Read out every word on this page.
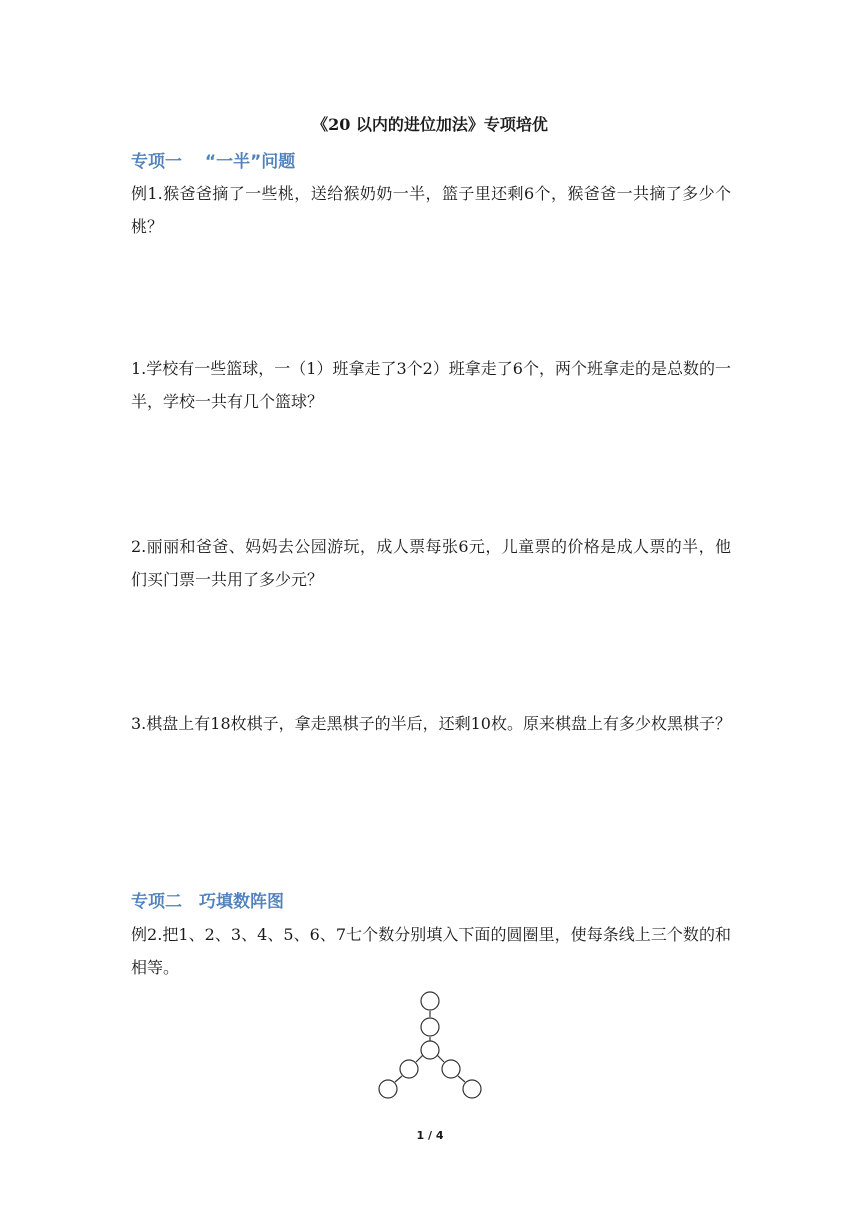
《20 以内的进位加法》专项培优
专项一　 “一半”问题
例1.猴爸爸摘了一些桃，送给猴奶奶一半，篮子里还剩6个，猴爸爸一共摘了多少个桃？
1.学校有一些篮球，一（1）班拿走了3个2）班拿走了6个，两个班拿走的是总数的一半，学校一共有几个篮球？
2.丽丽和爸爸、妈妈去公园游玩，成人票每张6元，儿童票的价格是成人票的半，他们买门票一共用了多少元？
3.棋盘上有18枚棋子，拿走黑棋子的半后，还剩10枚。原来棋盘上有多少枚黑棋子？
专项二　巧填数阵图
例2.把1、2、3、4、5、6、7七个数分别填入下面的圆圈里，使每条线上三个数的和相等。
1 / 4
